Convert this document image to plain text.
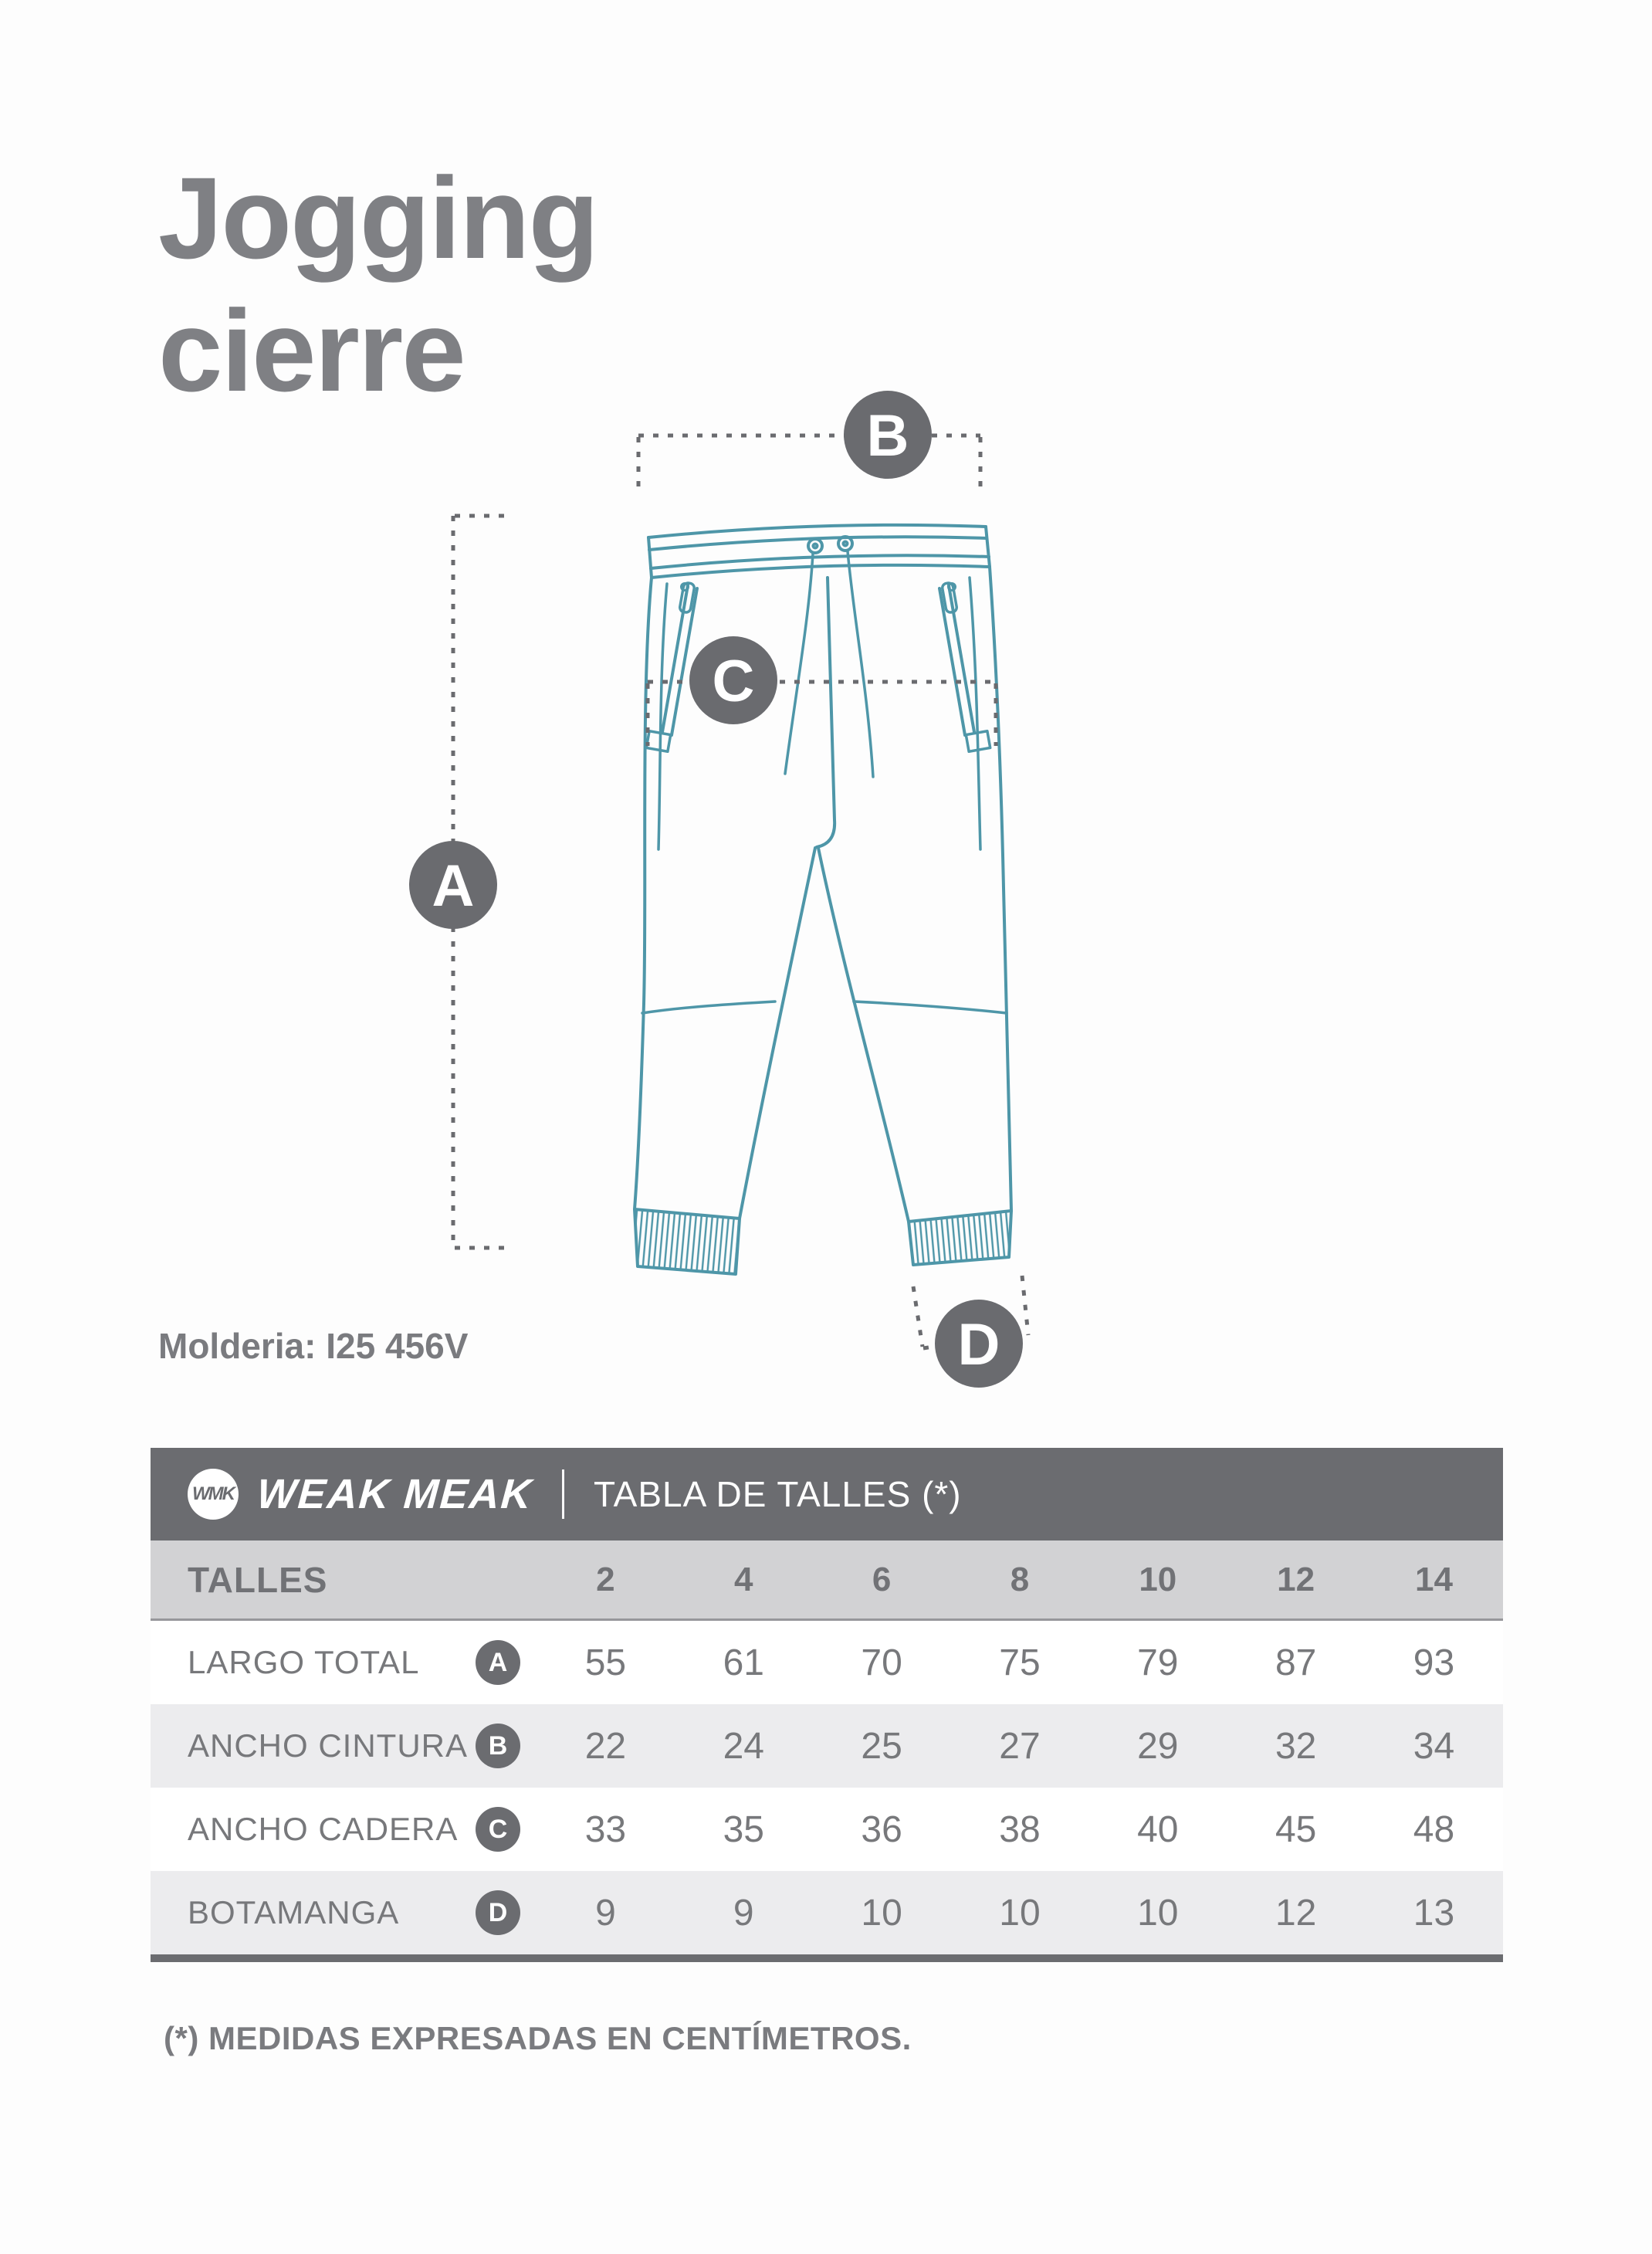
Jogging
cierre
A
B
C
D
Molderia: I25 456V
WMK WEAK MEAK TABLA DE TALLES (*)
TALLES	2	4	6	8	10	12	14
LARGO TOTAL	A	55	61	70	75	79	87	93
ANCHO CINTURA B	22	24	25	27	29	32	34
ANCHO CADERA	C	33	35	36	38	40	45	48
BOTAMANGA	D	9	9	10	10	10	12	13
(*) MEDIDAS EXPRESADAS EN CENTÍMETROS.
